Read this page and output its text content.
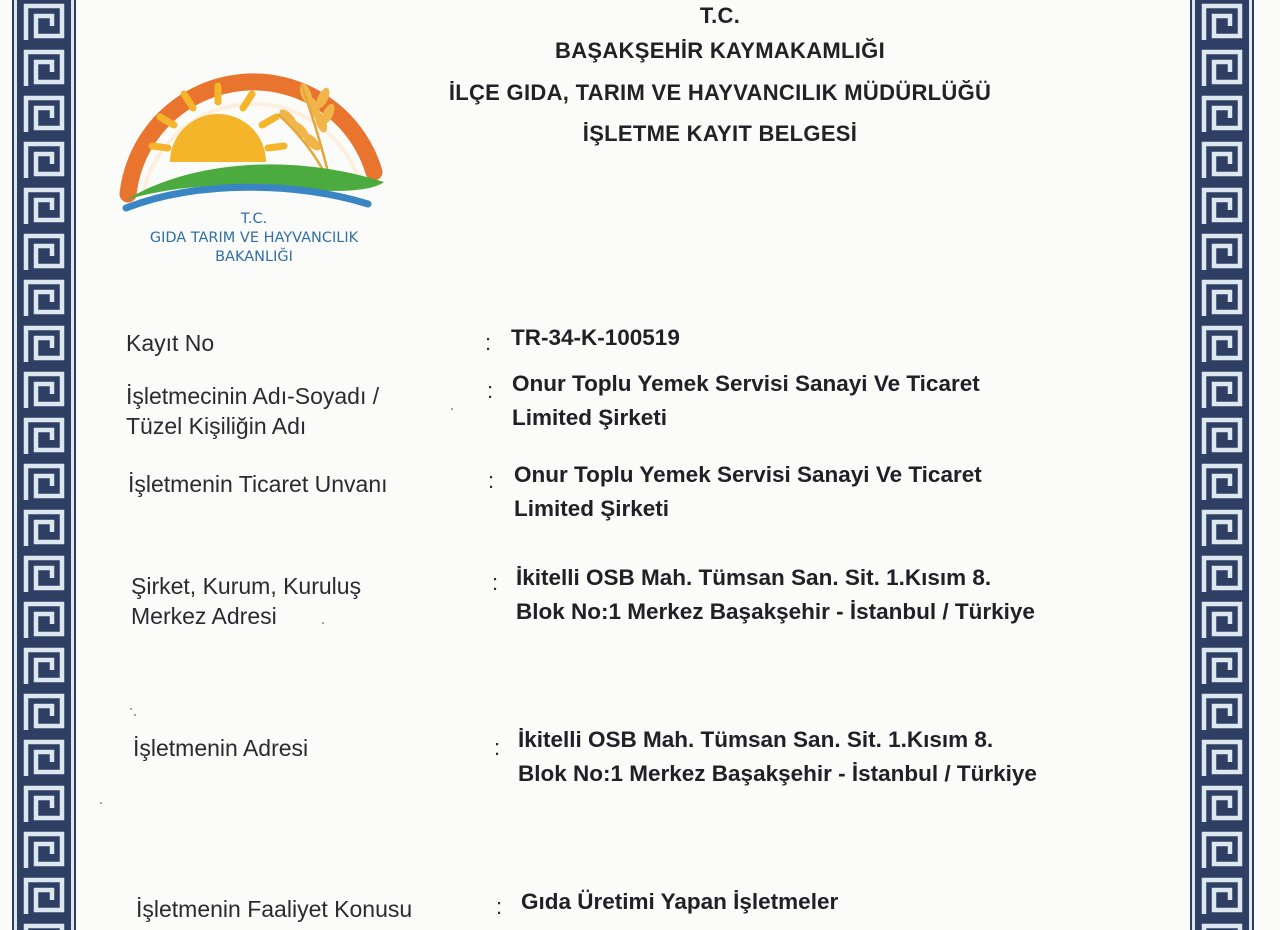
T.C.
GIDA TARIM VE HAYVANCILIK
BAKANLIĞI
T.C.
BAŞAKŞEHİR KAYMAKAMLIĞI
İLÇE GIDA, TARIM VE HAYVANCILIK MÜDÜRLÜĞÜ
İŞLETME KAYIT BELGESİ
Kayıt No	: TR-34-K-100519
İşletmecinin Adı-Soyadı /
Tüzel Kişiliğin Adı
: Onur Toplu Yemek Servisi Sanayi Ve Ticaret
Limited Şirketi
İşletmenin Ticaret Unvanı	: Onur Toplu Yemek Servisi Sanayi Ve Ticaret
Limited Şirketi
Şirket, Kurum, Kuruluş
Merkez Adresi
: İkitelli OSB Mah. Tümsan San. Sit. 1.Kısım 8.
Blok No:1 Merkez Başakşehir - İstanbul / Türkiye
İşletmenin Adresi	: İkitelli OSB Mah. Tümsan San. Sit. 1.Kısım 8.
Blok No:1 Merkez Başakşehir - İstanbul / Türkiye
İşletmenin Faaliyet Konusu	: Gıda Üretimi Yapan İşletmeler
